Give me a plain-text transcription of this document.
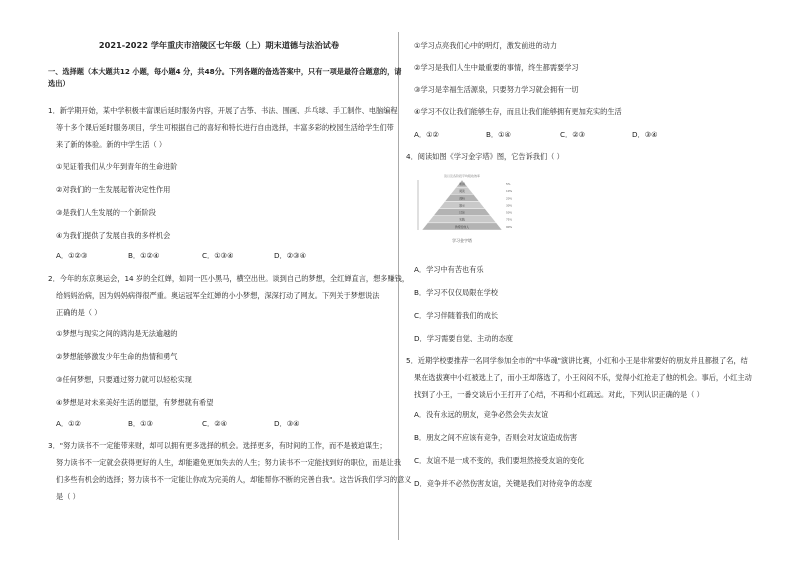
2021-2022 学年重庆市涪陵区七年级（上）期末道德与法治试卷
一、选择题（本大题共12 小题，每小题4 分，共48分。下列各题的备选答案中，只有一项是最符合题意的，请
选出）
1．新学期开始，某中学积极丰富课后延时服务内容，开展了古筝、书法、围画、乒乓球、手工制作、电脑编程
等十多个课后延时服务项目，学生可根据自己的喜好和特长进行自由选择，丰富多彩的校园生活给学生们带
来了新的体验。新的中学生活（ ）
①见证着我们从少年到青年的生命进阶
②对我们的一生发展起着决定性作用
③是我们人生发展的一个新阶段
④为我们提供了发展自我的多样机会
A．①②③	B．①②④	C．①③④	D．②③④
2．今年的东京奥运会，14 岁的全红婵，如同一匹小黑马，横空出世。谈到自己的梦想，全红婵直言，想多赚钱，
给妈妈治病，因为妈妈病得很严重。奥运冠军全红婵的小小梦想，深深打动了网友。下列关于梦想说法
正确的是（ ）
①梦想与现实之间的鸿沟是无法逾越的
②梦想能够激发少年生命的热情和勇气
③任何梦想，只要通过努力就可以轻松实现
④梦想是对未来美好生活的愿望，有梦想就有希望
A．①②	B．①③	C．②④	D．③④
3．"努力读书不一定能带来财，却可以拥有更多选择的机会。选择更多，有时间的工作，而不是被迫谋生；
努力读书不一定就会获得更好的人生，却能避免更加失去的人生；努力读书不一定能找到好的职位，而是让我
们多些有机会的选择；努力读书不一定能让你成为完美的人，却能帮你不断的完善自我"。这告诉我们学习的意义
是（ ）
①学习点亮我们心中的明灯，激发前进的动力
②学习是我们人生中最重要的事情，终生都需要学习
③学习是幸福生活源泉，只要努力学习就会拥有一切
④学习不仅让我们能够生存，而且让我们能够拥有更加充实的生活
A．①②	B．①④	C．②③	D．③④
4．阅读如图《学习金字塔》图，它告诉我们（ ）
读以及各阶段平均吸收效率
听讲	5%
阅读	10%
视听	20%
演示	30%
讨论	50%
实践	75%
教授给他人	90%
学习金字塔
A．学习中有苦也有乐
B．学习不仅仅局限在学校
C．学习伴随着我们的成长
D．学习需要自觉、主动的态度
5．近期学校要推荐一名同学参加全市的"中华魂"演讲比赛，小红和小王是非常要好的朋友并且都报了名，结
果在选拔赛中小红被选上了，而小王却落选了，小王闷闷不乐，觉得小红抢走了他的机会。事后，小红主动
找到了小王，一番交谈后小王打开了心结，不再和小红疏远。对此，下列认识正确的是（ ）
A．没有永远的朋友，竞争必然会失去友谊
B．朋友之间不应该有竞争，否则会对友谊造成伤害
C．友谊不是一成不变的，我们要坦然接受友谊的变化
D．竞争并不必然伤害友谊，关键是我们对待竞争的态度
